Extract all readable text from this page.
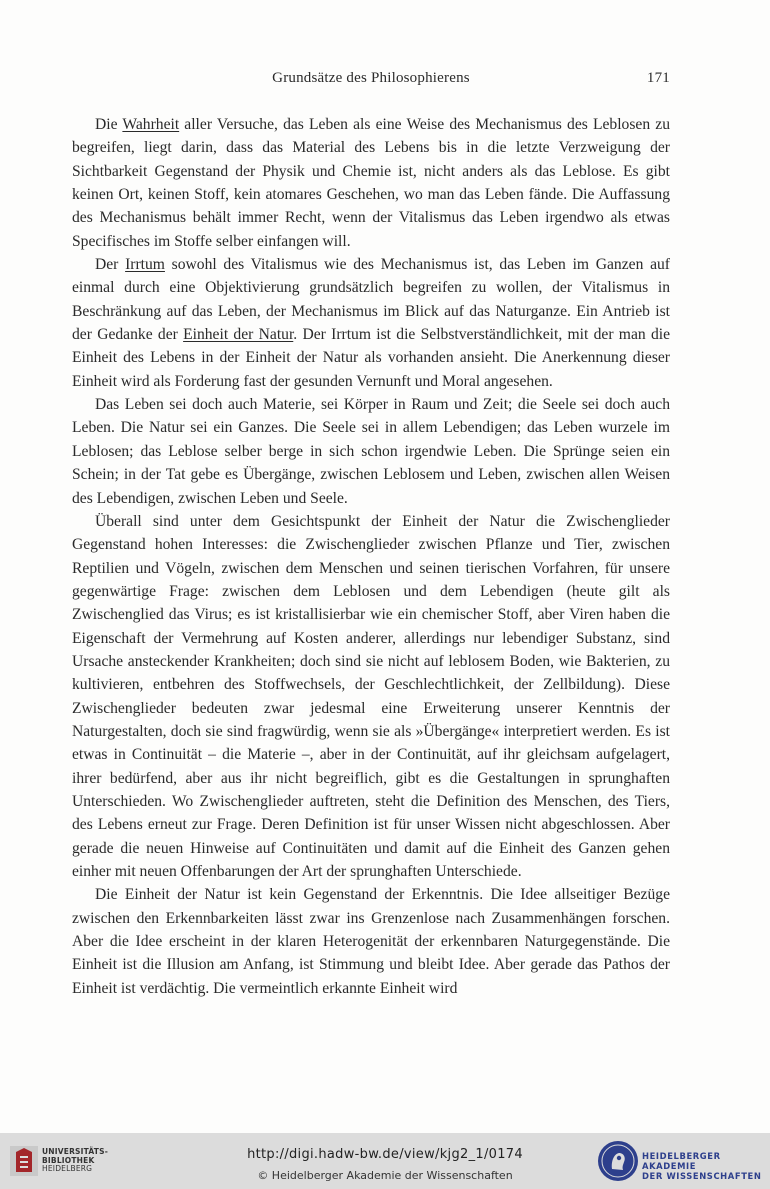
Grundsätze des Philosophierens	171

Die Wahrheit aller Versuche, das Leben als eine Weise des Mechanismus des Leblosen zu begreifen, liegt darin, dass das Material des Lebens bis in die letzte Verzweigung der Sichtbarkeit Gegenstand der Physik und Chemie ist, nicht anders als das Leblose. Es gibt keinen Ort, keinen Stoff, kein atomares Geschehen, wo man das Leben fände. Die Auffassung des Mechanismus behält immer Recht, wenn der Vitalismus das Leben irgendwo als etwas Specifisches im Stoffe selber einfangen will.

Der Irrtum sowohl des Vitalismus wie des Mechanismus ist, das Leben im Ganzen auf einmal durch eine Objektivierung grundsätzlich begreifen zu wollen, der Vitalismus in Beschränkung auf das Leben, der Mechanismus im Blick auf das Naturganze. Ein Antrieb ist der Gedanke der Einheit der Natur. Der Irrtum ist die Selbstverständlichkeit, mit der man die Einheit des Lebens in der Einheit der Natur als vorhanden ansieht. Die Anerkennung dieser Einheit wird als Forderung fast der gesunden Vernunft und Moral angesehen.

Das Leben sei doch auch Materie, sei Körper in Raum und Zeit; die Seele sei doch auch Leben. Die Natur sei ein Ganzes. Die Seele sei in allem Lebendigen; das Leben wurzele im Leblosen; das Leblose selber berge in sich schon irgendwie Leben. Die Sprünge seien ein Schein; in der Tat gebe es Übergänge, zwischen Leblosem und Leben, zwischen allen Weisen des Lebendigen, zwischen Leben und Seele.

Überall sind unter dem Gesichtspunkt der Einheit der Natur die Zwischenglieder Gegenstand hohen Interesses: die Zwischenglieder zwischen Pflanze und Tier, zwischen Reptilien und Vögeln, zwischen dem Menschen und seinen tierischen Vorfahren, für unsere gegenwärtige Frage: zwischen dem Leblosen und dem Lebendigen (heute gilt als Zwischenglied das Virus; es ist kristallisierbar wie ein chemischer Stoff, aber Viren haben die Eigenschaft der Vermehrung auf Kosten anderer, allerdings nur lebendiger Substanz, sind Ursache ansteckender Krankheiten; doch sind sie nicht auf leblosem Boden, wie Bakterien, zu kultivieren, entbehren des Stoffwechsels, der Geschlechtlichkeit, der Zellbildung). Diese Zwischenglieder bedeuten zwar jedesmal eine Erweiterung unserer Kenntnis der Naturgestalten, doch sie sind fragwürdig, wenn sie als »Übergänge« interpretiert werden. Es ist etwas in Continuität – die Materie –, aber in der Continuität, auf ihr gleichsam aufgelagert, ihrer bedürfend, aber aus ihr nicht begreiflich, gibt es die Gestaltungen in sprunghaften Unterschieden. Wo Zwischenglieder auftreten, steht die Definition des Menschen, des Tiers, des Lebens erneut zur Frage. Deren Definition ist für unser Wissen nicht abgeschlossen. Aber gerade die neuen Hinweise auf Continuitäten und damit auf die Einheit des Ganzen gehen einher mit neuen Offenbarungen der Art der sprunghaften Unterschiede.

Die Einheit der Natur ist kein Gegenstand der Erkenntnis. Die Idee allseitiger Bezüge zwischen den Erkennbarkeiten lässt zwar ins Grenzenlose nach Zusammenhängen forschen. Aber die Idee erscheint in der klaren Heterogenität der erkennbaren Naturgegenstände. Die Einheit ist die Illusion am Anfang, ist Stimmung und bleibt Idee. Aber gerade das Pathos der Einheit ist verdächtig. Die vermeintlich erkannte Einheit wird

UNIVERSITÄTS-
BIBLIOTHEK
HEIDELBERG
http://digi.hadw-bw.de/view/kjg2_1/0174
© Heidelberger Akademie der Wissenschaften
HEIDELBERGER AKADEMIE
DER WISSENSCHAFTEN
